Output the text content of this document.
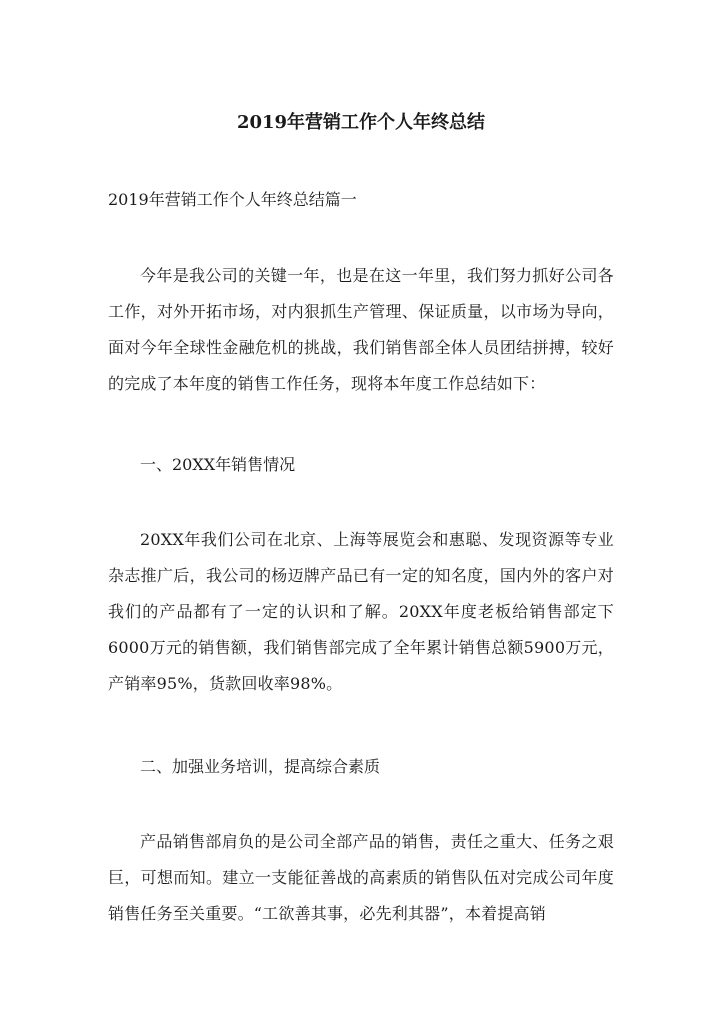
2019年营销工作个人年终总结

2019年营销工作个人年终总结篇一

今年是我公司的关键一年，也是在这一年里，我们努力抓好公司各工作，对外开拓市场，对内狠抓生产管理、保证质量，以市场为导向，面对今年全球性金融危机的挑战，我们销售部全体人员团结拼搏，较好的完成了本年度的销售工作任务，现将本年度工作总结如下：

一、20XX年销售情况

20XX年我们公司在北京、上海等展览会和惠聪、发现资源等专业杂志推广后，我公司的杨迈牌产品已有一定的知名度，国内外的客户对我们的产品都有了一定的认识和了解。20XX年度老板给销售部定下6000万元的销售额，我们销售部完成了全年累计销售总额5900万元，产销率95%，货款回收率98%。

二、加强业务培训，提高综合素质

产品销售部肩负的是公司全部产品的销售，责任之重大、任务之艰巨，可想而知。建立一支能征善战的高素质的销售队伍对完成公司年度销售任务至关重要。“工欲善其事，必先利其器”，本着提高销
